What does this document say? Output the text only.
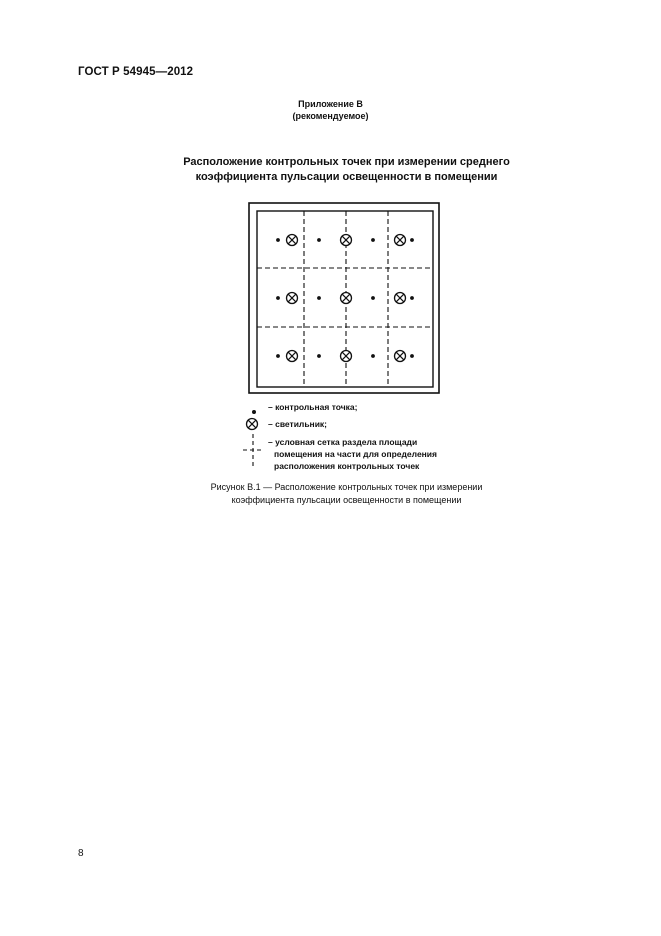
ГОСТ Р 54945—2012
Приложение В
(рекомендуемое)
Расположение контрольных точек при измерении среднего
коэффициента пульсации освещенности в помещении
– контрольная точка;
– светильник;
– условная сетка раздела площади
помещения на части для определения
расположения контрольных точек
Рисунок В.1 — Расположение контрольных точек при измерении
коэффициента пульсации освещенности в помещении
8
